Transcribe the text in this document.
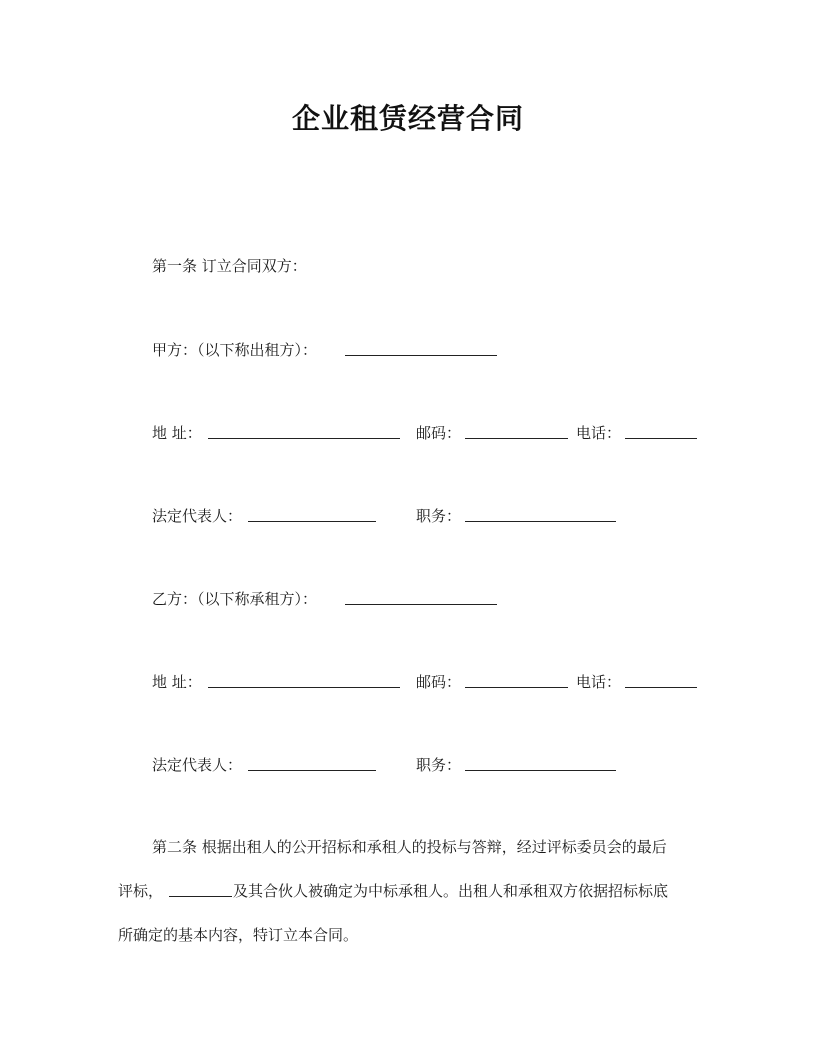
企业租赁经营合同
第一条 订立合同双方：
甲方：（以下称出租方）：
地 址：	邮码：	电话：
法定代表人：	职务：
乙方：（以下称承租方）：
地 址：	邮码：	电话：
法定代表人：	职务：
第二条 根据出租人的公开招标和承租人的投标与答辩，经过评标委员会的最后
评标，	及其合伙人被确定为中标承租人。出租人和承租双方依据招标标底
所确定的基本内容，特订立本合同。
